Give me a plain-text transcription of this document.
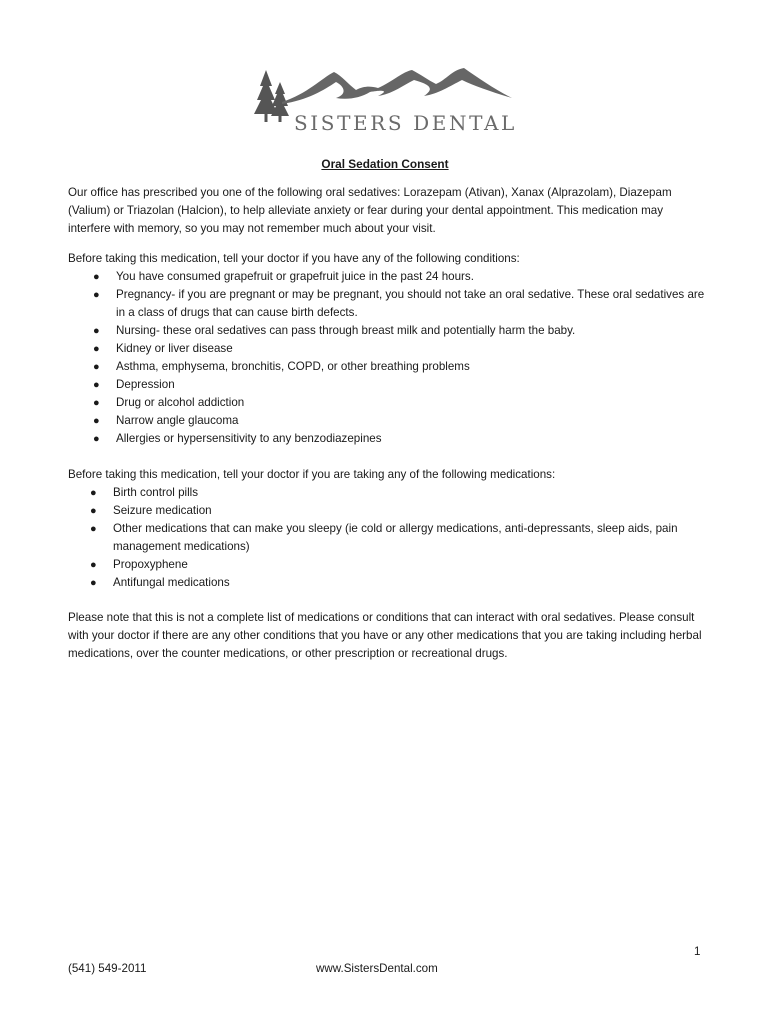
SISTERS DENTAL
Oral Sedation Consent

Our office has prescribed you one of the following oral sedatives: Lorazepam (Ativan), Xanax (Alprazolam), Diazepam (Valium) or Triazolan (Halcion), to help alleviate anxiety or fear during your dental appointment. This medication may interfere with memory, so you may not remember much about your visit.

Before taking this medication, tell your doctor if you have any of the following conditions:

● You have consumed grapefruit or grapefruit juice in the past 24 hours.
● Pregnancy- if you are pregnant or may be pregnant, you should not take an oral sedative. These oral sedatives are in a class of drugs that can cause birth defects.
● Nursing- these oral sedatives can pass through breast milk and potentially harm the baby.
● Kidney or liver disease
● Asthma, emphysema, bronchitis, COPD, or other breathing problems
● Depression
● Drug or alcohol addiction
● Narrow angle glaucoma
● Allergies or hypersensitivity to any benzodiazepines

Before taking this medication, tell your doctor if you are taking any of the following medications:

● Birth control pills
● Seizure medication
● Other medications that can make you sleepy (ie cold or allergy medications, anti-depressants, sleep aids, pain management medications)
● Propoxyphene
● Antifungal medications

Please note that this is not a complete list of medications or conditions that can interact with oral sedatives. Please consult with your doctor if there are any other conditions that you have or any other medications that you are taking including herbal medications, over the counter medications, or other prescription or recreational drugs.

1
(541) 549-2011	www.SistersDental.com
